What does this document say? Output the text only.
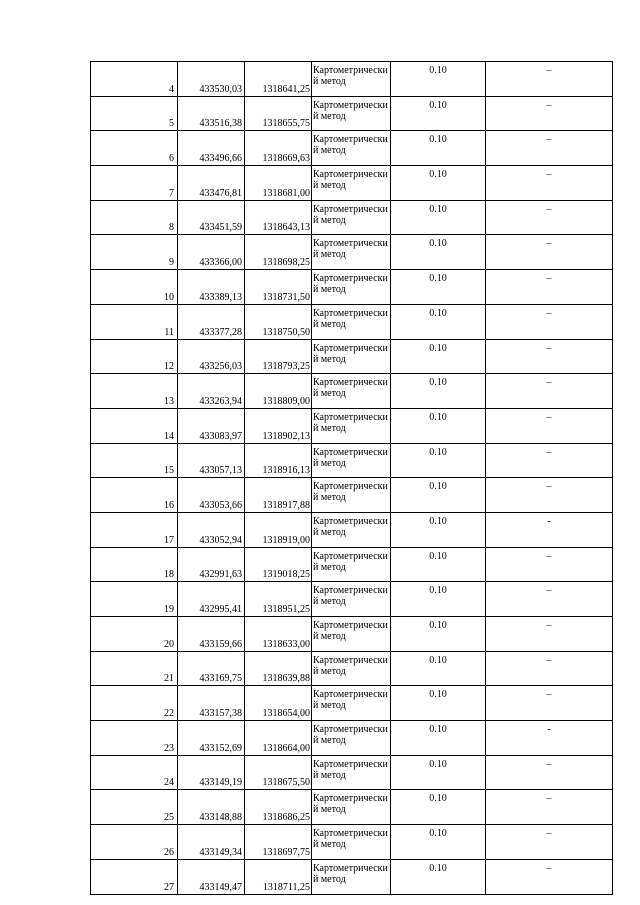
4	433530,03	1318641,25	Картометрический метод	0.10	–
5	433516,38	1318655,75	Картометрический метод	0.10	–
6	433496,66	1318669,63	Картометрический метод	0.10	–
7	433476,81	1318681,00	Картометрический метод	0.10	–
8	433451,59	1318643,13	Картометрический метод	0.10	–
9	433366,00	1318698,25	Картометрический метод	0.10	–
10	433389,13	1318731,50	Картометрический метод	0.10	–
11	433377,28	1318750,50	Картометрический метод	0.10	–
12	433256,03	1318793,25	Картометрический метод	0.10	–
13	433263,94	1318809,00	Картометрический метод	0.10	–
14	433083,97	1318902,13	Картометрический метод	0.10	–
15	433057,13	1318916,13	Картометрический метод	0.10	–
16	433053,66	1318917,88	Картометрический метод	0.10	–
17	433052,94	1318919,00	Картометрический метод	0.10	-
18	432991,63	1319018,25	Картометрический метод	0.10	–
19	432995,41	1318951,25	Картометрический метод	0.10	–
20	433159,66	1318633,00	Картометрический метод	0.10	–
21	433169,75	1318639,88	Картометрический метод	0.10	–
22	433157,38	1318654,00	Картометрический метод	0.10	–
23	433152,69	1318664,00	Картометрический метод	0.10	-
24	433149,19	1318675,50	Картометрический метод	0.10	–
25	433148,88	1318686,25	Картометрический метод	0.10	–
26	433149,34	1318697,75	Картометрический метод	0.10	–
27	433149,47	1318711,25	Картометрический метод	0.10	–
